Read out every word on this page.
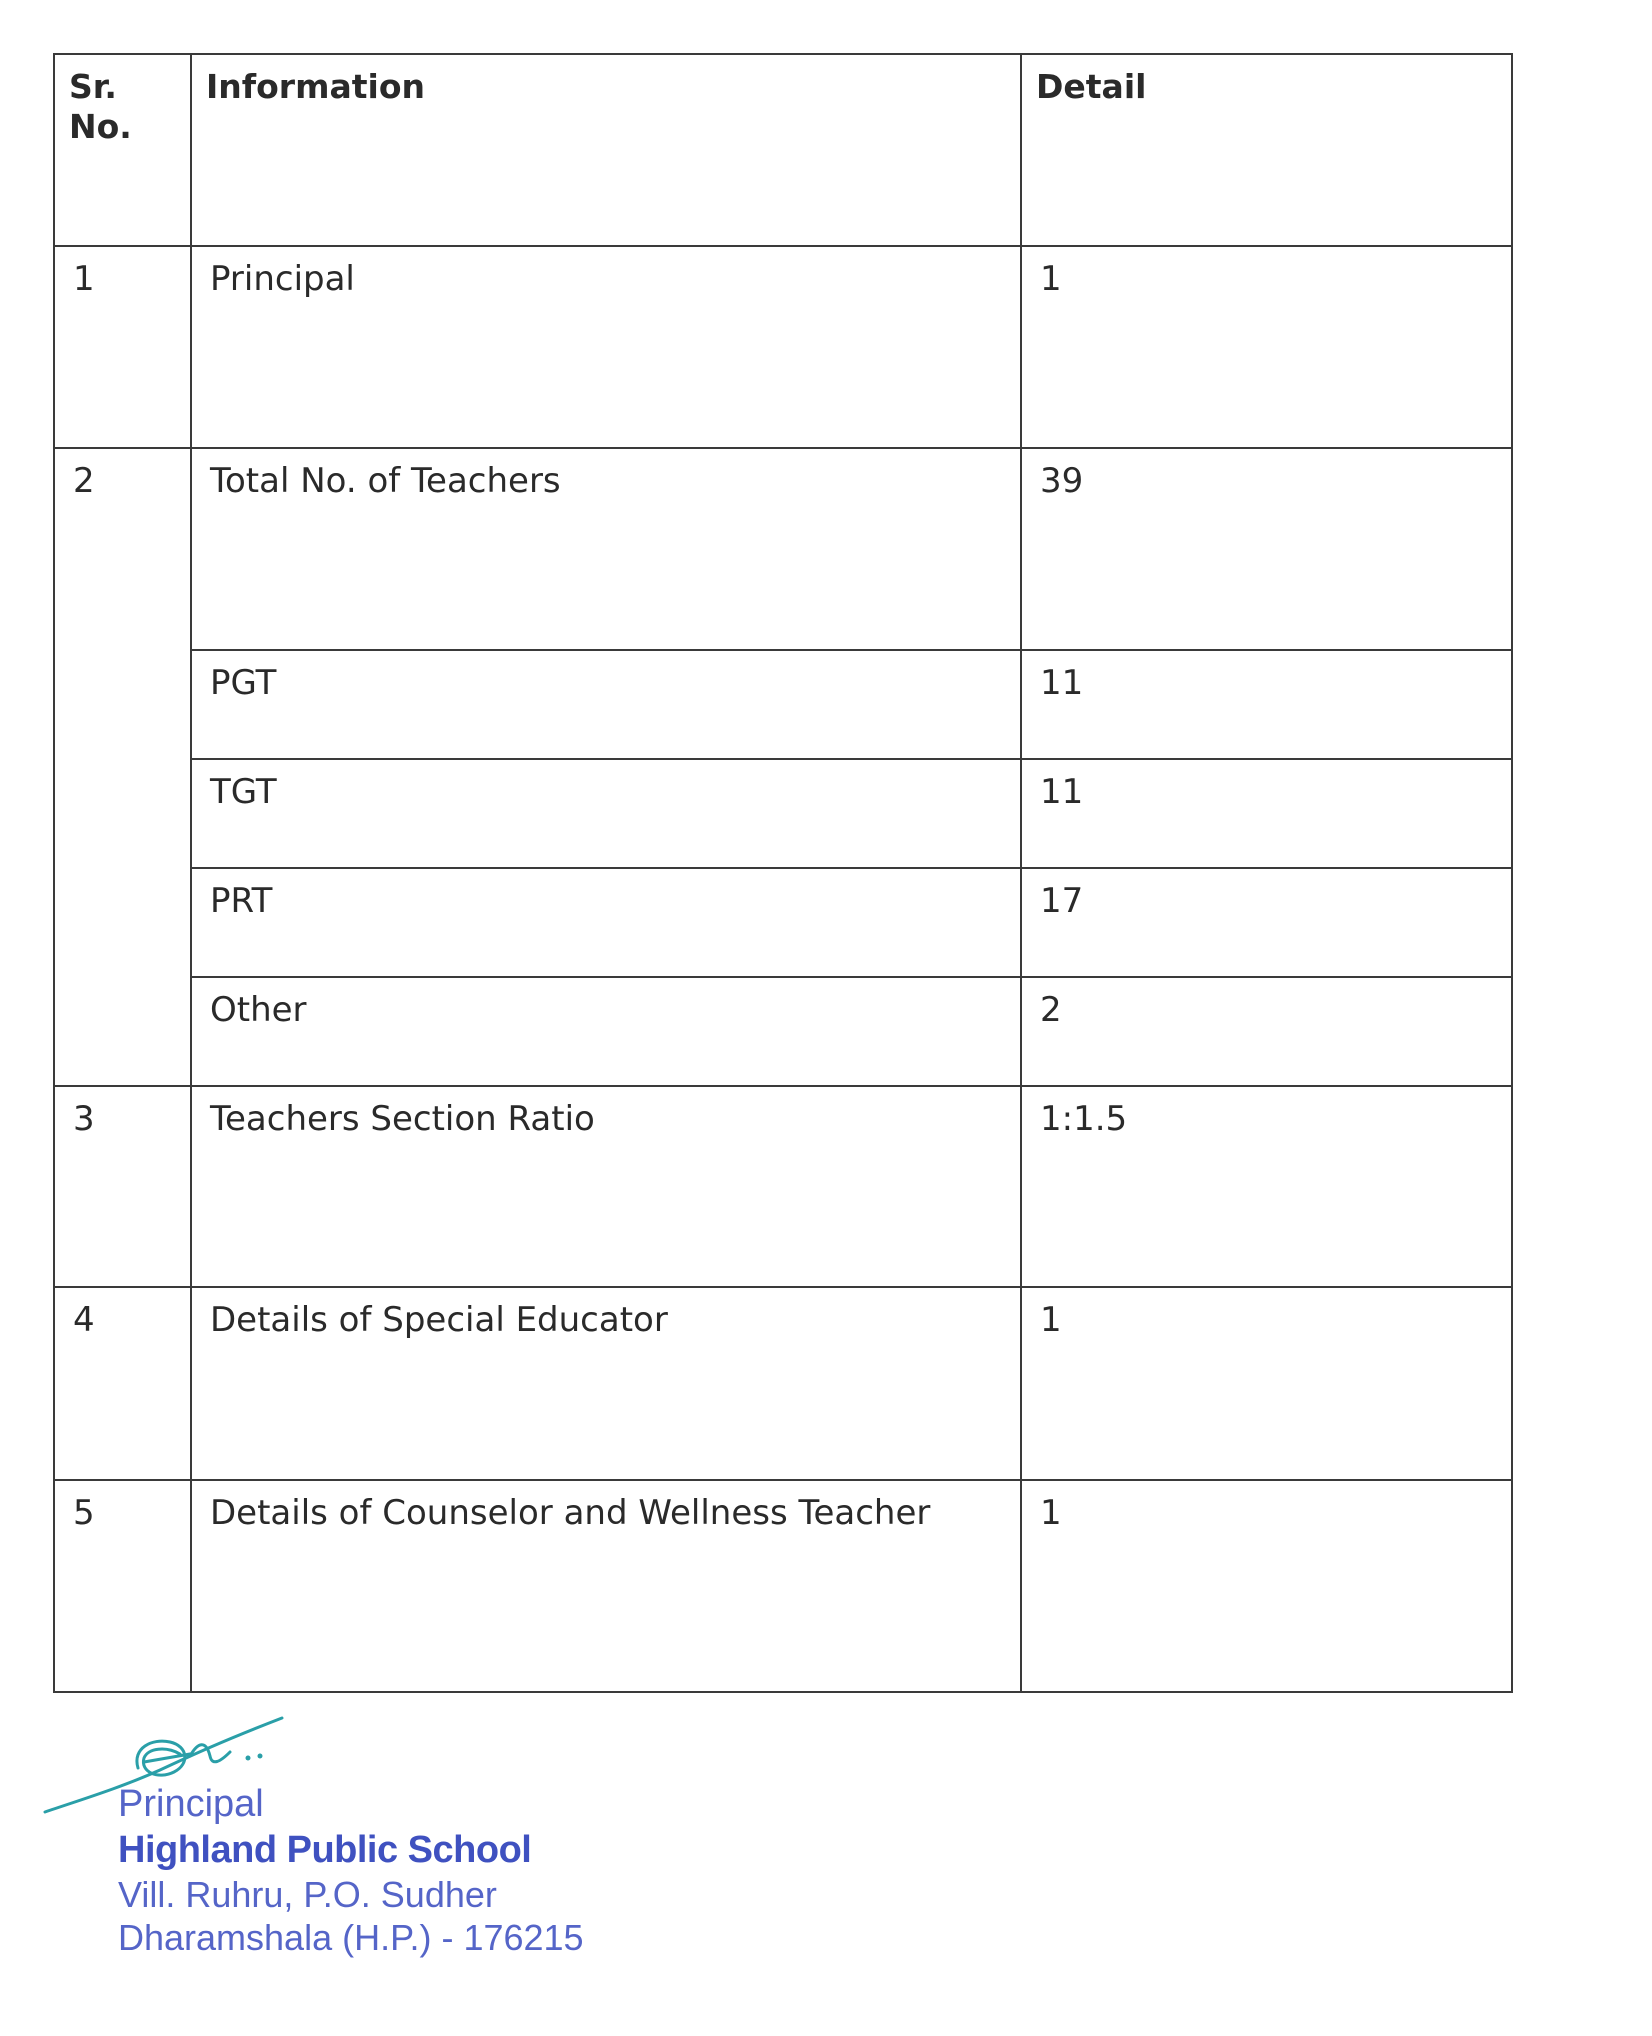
Sr. No.	Information	Detail
1	Principal	1
2	Total No. of Teachers	39
	PGT	11
	TGT	11
	PRT	17
	Other	2
3	Teachers Section Ratio	1:1.5
4	Details of Special Educator	1
5	Details of Counselor and Wellness Teacher	1
Principal
Highland Public School
Vill. Ruhru, P.O. Sudher
Dharamshala (H.P.) - 176215
